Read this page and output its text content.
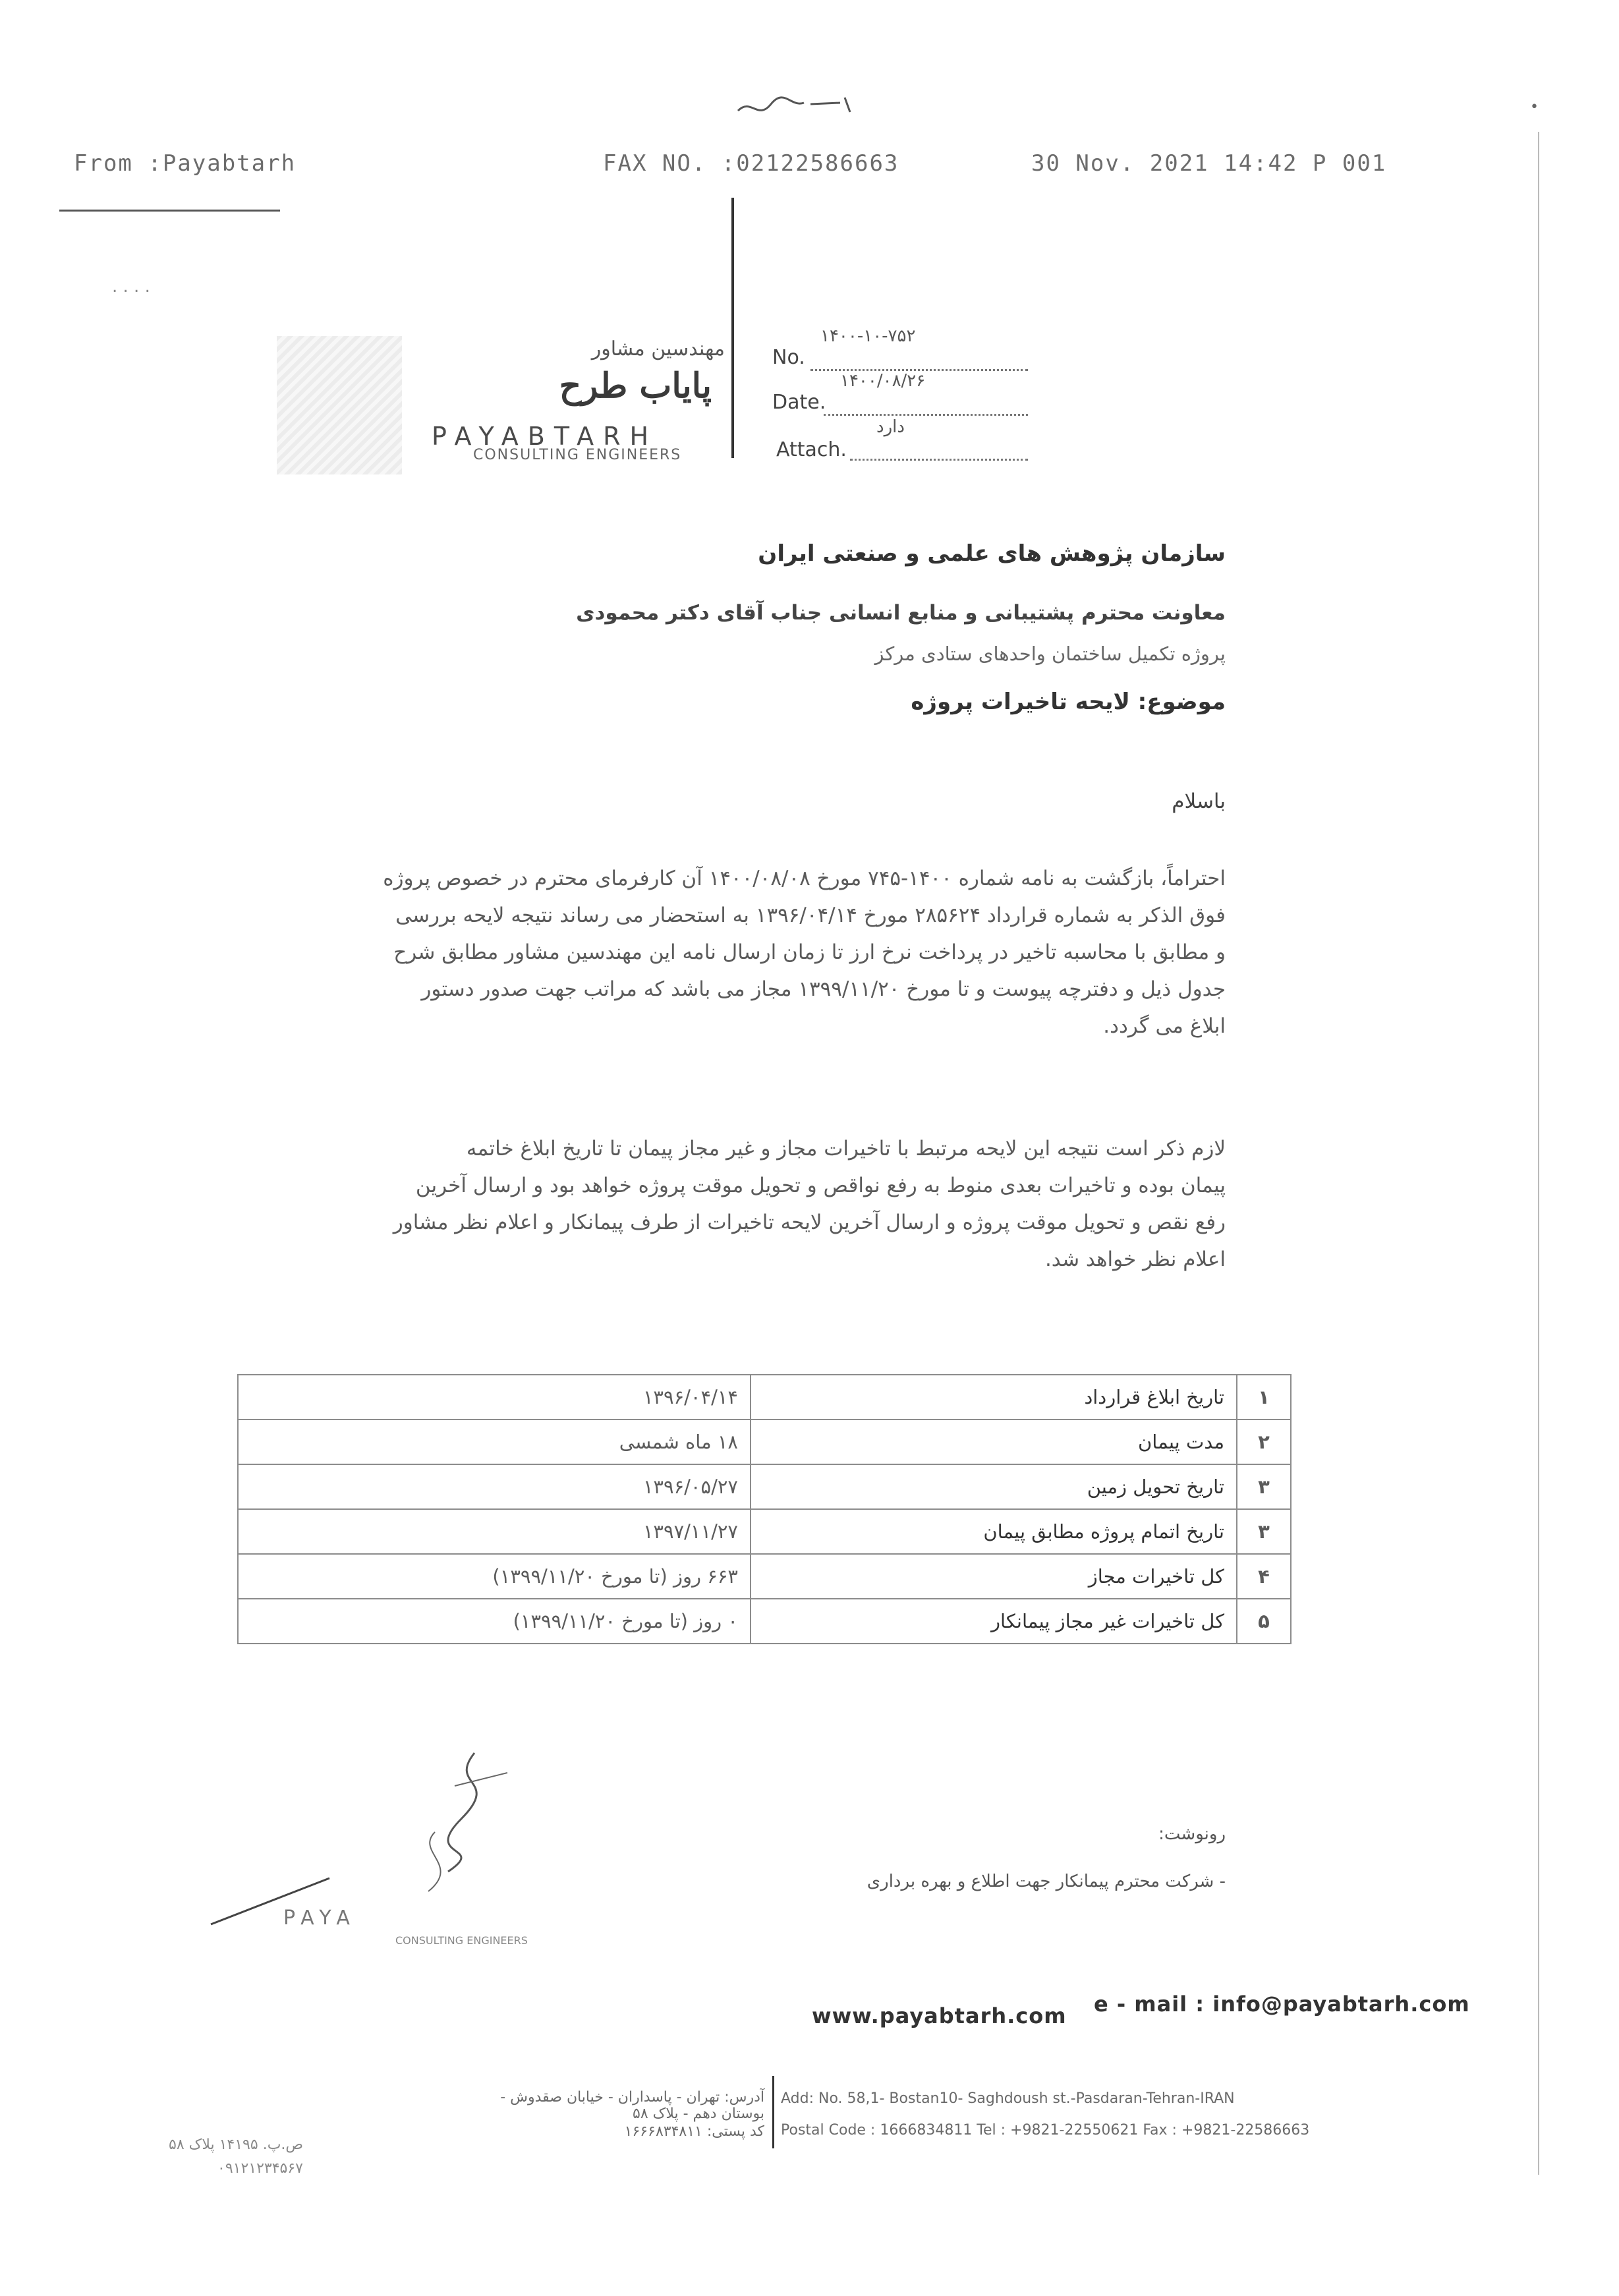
•
From :Payabtarh	FAX NO. :02122586663	30 Nov. 2021 14:42 P 001
. . . .
مهندسین مشاور
پایاب طرح
PAYABTARH
CONSULTING ENGINEERS
۱۴۰۰-۱۰-۷۵۲
No.
۱۴۰۰/۰۸/۲۶
Date.
دارد
Attach.
سازمان پژوهش های علمی و صنعتی ایران
معاونت محترم پشتیبانی و منابع انسانی جناب آقای دکتر محمودی
پروژه تکمیل ساختمان واحدهای ستادی مرکز
موضوع: لایحه تاخیرات پروژه
باسلام
احتراماً، بازگشت به نامه شماره ۱۴۰۰-۷۴۵ مورخ ۱۴۰۰/۰۸/۰۸ آن کارفرمای محترم در خصوص پروژه
فوق الذکر به شماره قرارداد ۲۸۵۶۲۴ مورخ ۱۳۹۶/۰۴/۱۴ به استحضار می رساند نتیجه لایحه بررسی
و مطابق با محاسبه تاخیر در پرداخت نرخ ارز تا زمان ارسال نامه این مهندسین مشاور مطابق شرح
جدول ذیل و دفترچه پیوست و تا مورخ ۱۳۹۹/۱۱/۲۰ مجاز می باشد که مراتب جهت صدور دستور
ابلاغ می گردد.
لازم ذکر است نتیجه این لایحه مرتبط با تاخیرات مجاز و غیر مجاز پیمان تا تاریخ ابلاغ خاتمه
پیمان بوده و تاخیرات بعدی منوط به رفع نواقص و تحویل موقت پروژه خواهد بود و ارسال آخرین
رفع نقص و تحویل موقت پروژه و ارسال آخرین لایحه تاخیرات از طرف پیمانکار و اعلام نظر مشاور
اعلام نظر خواهد شد.
۱	تاریخ ابلاغ قرارداد	۱۳۹۶/۰۴/۱۴
۲	مدت پیمان	۱۸ ماه شمسی
۳	تاریخ تحویل زمین	۱۳۹۶/۰۵/۲۷
۳	تاریخ اتمام پروژه مطابق پیمان	۱۳۹۷/۱۱/۲۷
۴	کل تاخیرات مجاز	۶۶۳ روز (تا مورخ ۱۳۹۹/۱۱/۲۰)
۵	کل تاخیرات غیر مجاز پیمانکار	۰ روز (تا مورخ ۱۳۹۹/۱۱/۲۰)
PAYA
CONSULTING ENGINEERS
رونوشت:
- شرکت محترم پیمانکار جهت اطلاع و بهره برداری
www.payabtarh.com e - mail : info@payabtarh.com
آدرس: تهران - پاسداران - خیابان صقدوش - بوستان دهم - پلاک ۵۸
کد پستی: ۱۶۶۶۸۳۴۸۱۱
Add: No. 58,1- Bostan10- Saghdoush st.-Pasdaran-Tehran-IRAN
Postal Code : 1666834811 Tel : +9821-22550621 Fax : +9821-22586663
ص.پ. ۱۴۱۹۵ پلاک ۵۸
۰۹۱۲۱۲۳۴۵۶۷
